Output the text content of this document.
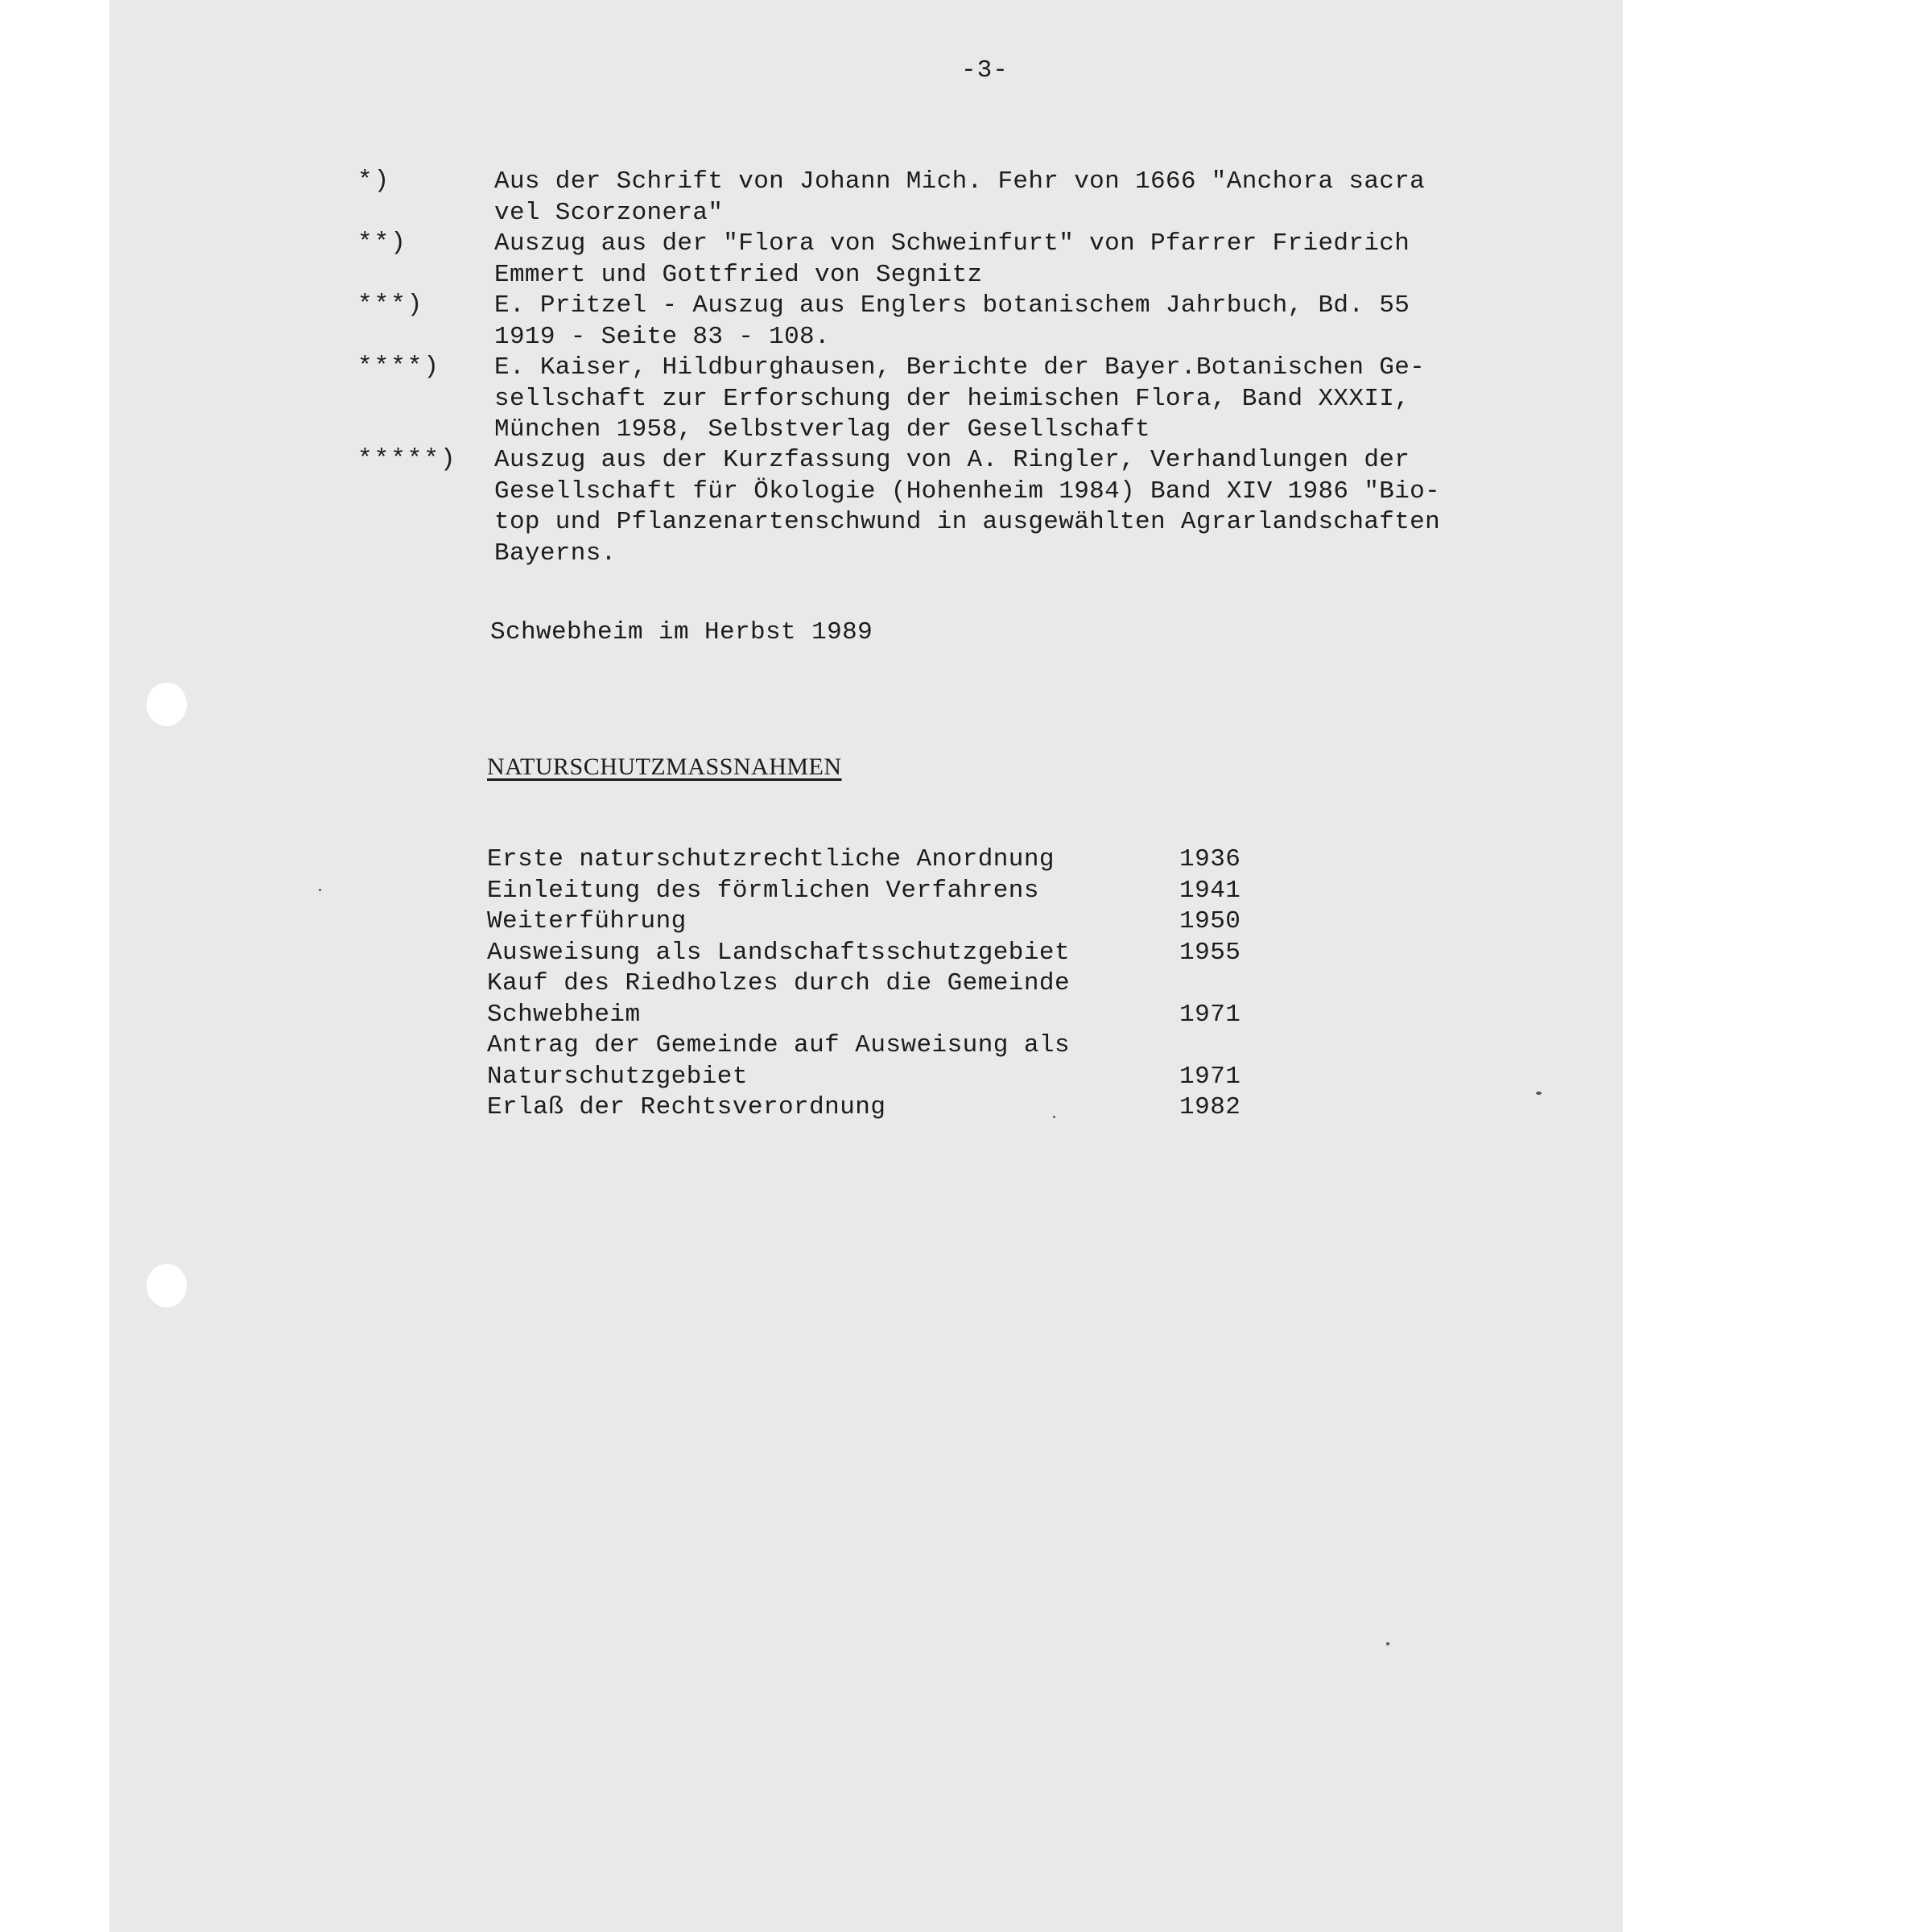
-3-
*)	Aus der Schrift von Johann Mich. Fehr von 1666 "Anchora sacra
vel Scorzonera"
**)	Auszug aus der "Flora von Schweinfurt" von Pfarrer Friedrich
Emmert und Gottfried von Segnitz
***)	E. Pritzel - Auszug aus Englers botanischem Jahrbuch, Bd. 55
1919 - Seite 83 - 108.
****) E. Kaiser, Hildburghausen, Berichte der Bayer.Botanischen Ge-
sellschaft zur Erforschung der heimischen Flora, Band XXXII,
München 1958, Selbstverlag der Gesellschaft
*****) Auszug aus der Kurzfassung von A. Ringler, Verhandlungen der
Gesellschaft für Ökologie (Hohenheim 1984) Band XIV 1986 "Bio-
top und Pflanzenartenschwund in ausgewählten Agrarlandschaften
Bayerns.
Schwebheim im Herbst 1989
NATURSCHUTZMASSNAHMEN
Erste naturschutzrechtliche Anordnung	1936
Einleitung des förmlichen Verfahrens	1941
Weiterführung	1950
Ausweisung als Landschaftsschutzgebiet	1955
Kauf des Riedholzes durch die Gemeinde
Schwebheim	1971
Antrag der Gemeinde auf Ausweisung als
Naturschutzgebiet	1971
Erlaß der Rechtsverordnung	1982
